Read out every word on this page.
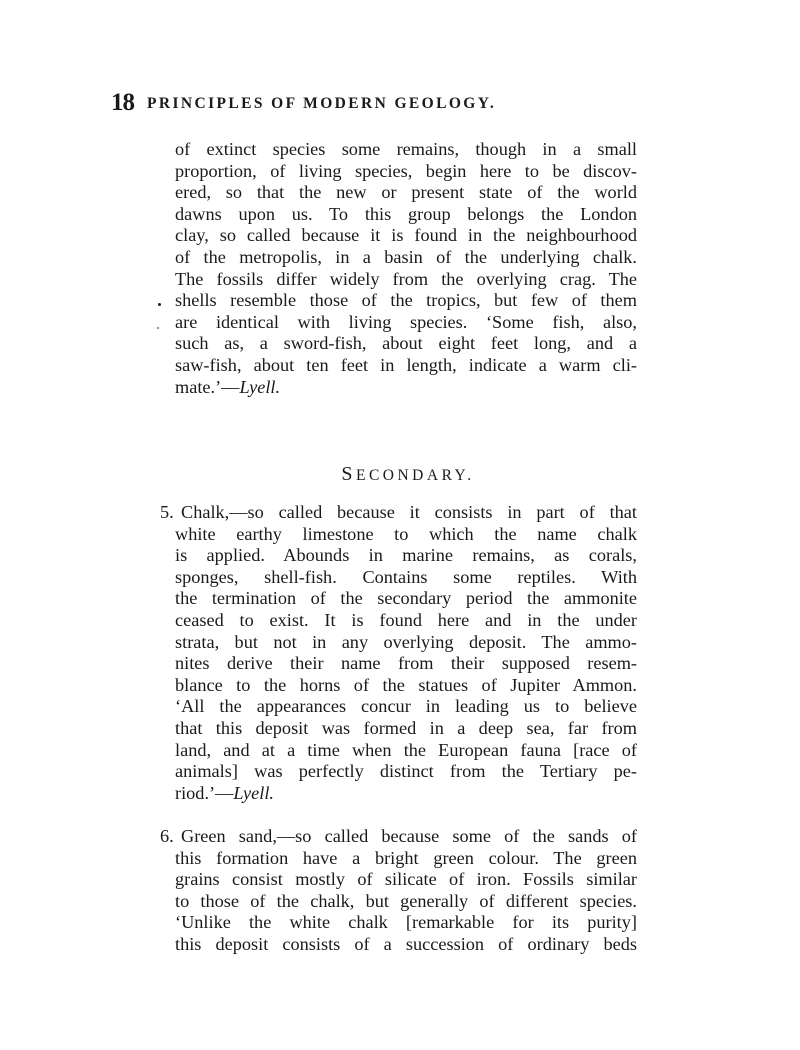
18 PRINCIPLES OF MODERN GEOLOGY.
of extinct species some remains, though in a small
proportion, of living species, begin here to be discov-
ered, so that the new or present state of the world
dawns upon us. To this group belongs the London
clay, so called because it is found in the neighbourhood
of the metropolis, in a basin of the underlying chalk.
The fossils differ widely from the overlying crag. The
shells resemble those of the tropics, but few of them
are identical with living species. ‘Some fish, also,
such as, a sword-fish, about eight feet long, and a
saw-fish, about ten feet in length, indicate a warm cli-
mate.’—Lyell.
SECONDARY.
5. Chalk,—so called because it consists in part of that
white earthy limestone to which the name chalk
is applied. Abounds in marine remains, as corals,
sponges, shell-fish. Contains some reptiles. With
the termination of the secondary period the ammonite
ceased to exist. It is found here and in the under
strata, but not in any overlying deposit. The ammo-
nites derive their name from their supposed resem-
blance to the horns of the statues of Jupiter Ammon.
‘All the appearances concur in leading us to believe
that this deposit was formed in a deep sea, far from
land, and at a time when the European fauna [race of
animals] was perfectly distinct from the Tertiary pe-
riod.’—Lyell.
6. Green sand,—so called because some of the sands of
this formation have a bright green colour. The green
grains consist mostly of silicate of iron. Fossils similar
to those of the chalk, but generally of different species.
‘Unlike the white chalk [remarkable for its purity]
this deposit consists of a succession of ordinary beds
